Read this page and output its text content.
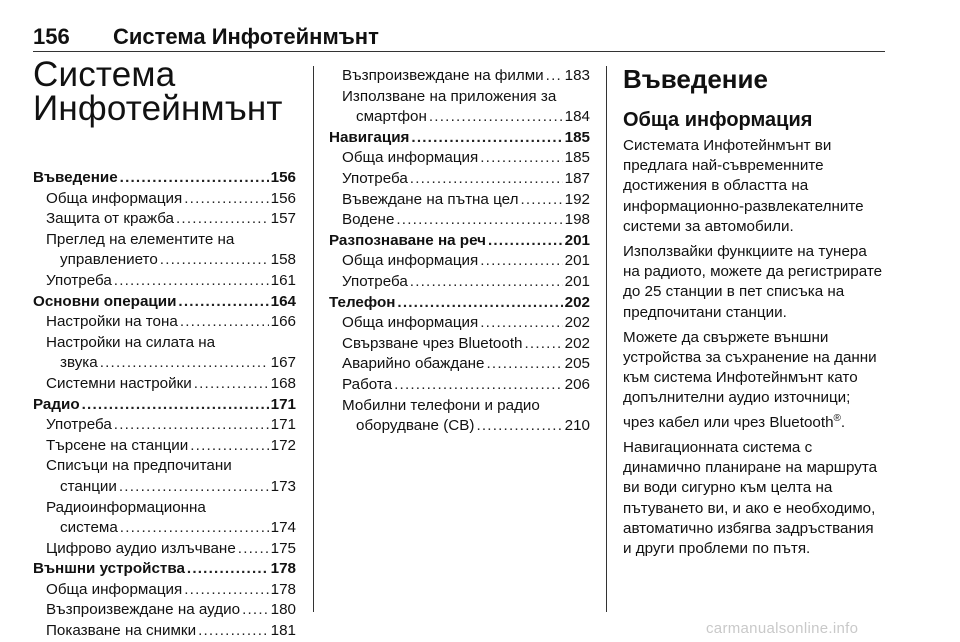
156 Система Инфотейнмънт
Система
Инфотейнмънт
Въведение .....	156
Обща информация .....	156
Защита от кражба .....	157
Преглед на елементите на
управлението .....	158
Употреба .....	161
Основни операции .....	164
Настройки на тона .....	166
Настройки на силата на
звука .....	167
Системни настройки .....	168
Радио .....	171
Употреба .....	171
Търсене на станции .....	172
Списъци на предпочитани
станции .....	173
Радиоинформационна
система .....	174
Цифрово аудио излъчване ..... 175
Външни устройства .....	178
Обща информация .....	178
Възпроизвеждане на аудио ..... 180
Показване на снимки .....	181
Възпроизвеждане на филми ..... 183
Използване на приложения за
смартфон .....	184
Навигация .....	185
Обща информация .....	185
Употреба .....	187
Въвеждане на пътна цел .....	192
Водене .....	198
Разпознаване на реч .....	201
Обща информация .....	201
Употреба .....	201
Телефон .....	202
Обща информация .....	202
Свързване чрез Bluetooth .....	202
Аварийно обаждане .....	205
Работа .....	206
Мобилни телефони и радио
оборудване (CB) .....	210
Въведение
Обща информация

Системата Инфотейнмънт ви предлага най-съвременните достижения в областта на информационно-развлекателните системи за автомобили.

Използвайки функциите на тунера на радиото, можете да регистрирате до 25 станции в пет списъка на предпочитани станции.

Можете да свържете външни устройства за съхранение на данни към система Инфотейнмънт като допълнителни аудио източници; чрез кабел или чрез Bluetooth®.

Навигационната система с динамично планиране на маршрута ви води сигурно към целта на пътуването ви, и ако е необходимо, автоматично избягва задръствания и други проблеми по пътя.

carmanualsonline.info
